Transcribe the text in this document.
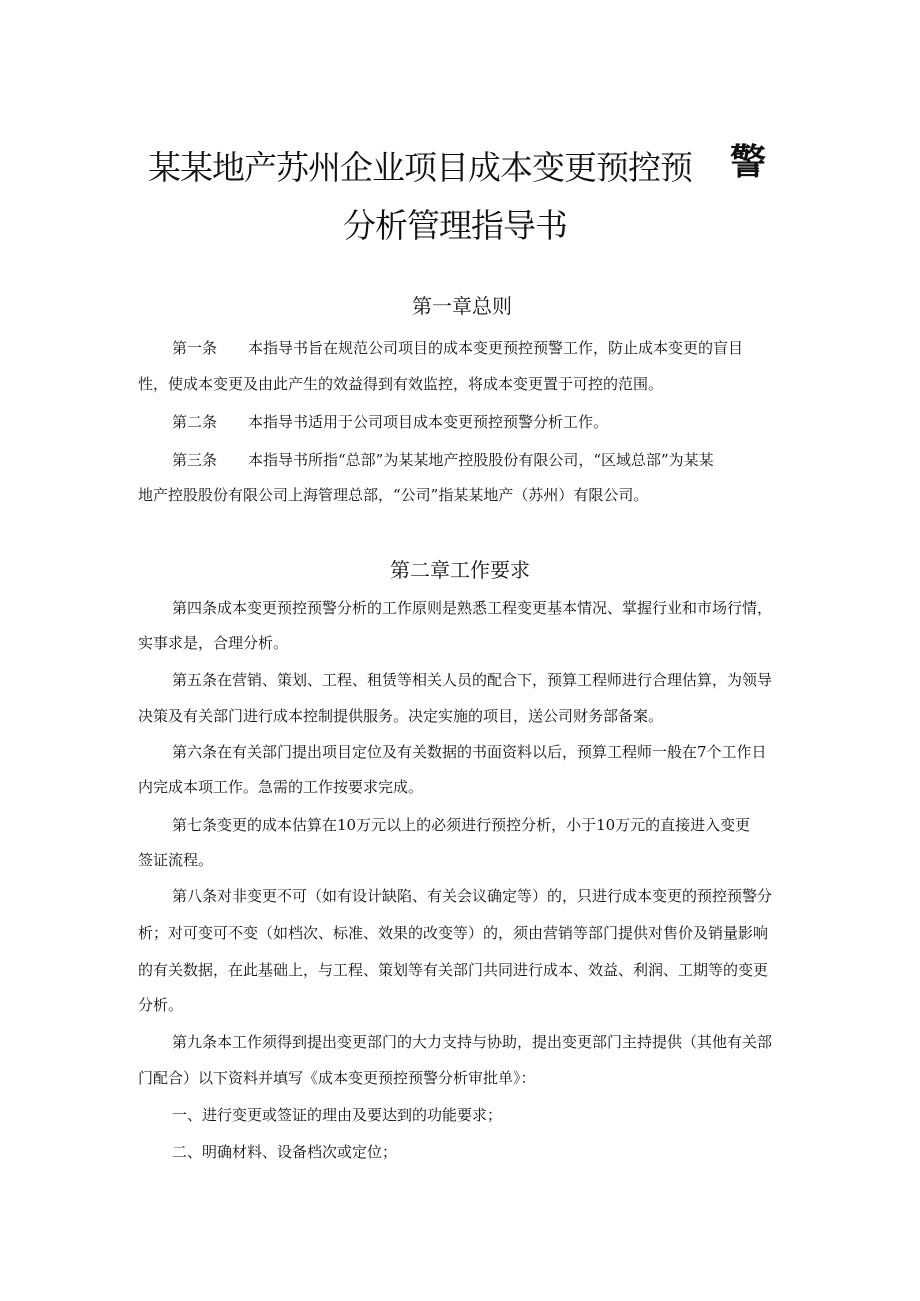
某某地产苏州企业项目成本变更预控预 警
分析管理指导书
第一章总则
第一条 本指导书旨在规范公司项目的成本变更预控预警工作，防止成本变更的盲目
性，使成本变更及由此产生的效益得到有效监控，将成本变更置于可控的范围。
第二条 本指导书适用于公司项目成本变更预控预警分析工作。
第三条 本指导书所指“总部”为某某地产控股股份有限公司，“区域总部”为某某
地产控股股份有限公司上海管理总部，“公司”指某某地产（苏州）有限公司。
第二章工作要求
第四条成本变更预控预警分析的工作原则是熟悉工程变更基本情况、掌握行业和市场行情，
实事求是，合理分析。
第五条在营销、策划、工程、租赁等相关人员的配合下，预算工程师进行合理估算，为领导
决策及有关部门进行成本控制提供服务。决定实施的项目，送公司财务部备案。
第六条在有关部门提出项目定位及有关数据的书面资料以后，预算工程师一般在7个工作日
内完成本项工作。急需的工作按要求完成。
第七条变更的成本估算在10万元以上的必须进行预控分析，小于10万元的直接进入变更
签证流程。
第八条对非变更不可（如有设计缺陷、有关会议确定等）的，只进行成本变更的预控预警分
析；对可变可不变（如档次、标准、效果的改变等）的，须由营销等部门提供对售价及销量影响
的有关数据，在此基础上，与工程、策划等有关部门共同进行成本、效益、利润、工期等的变更
分析。
第九条本工作须得到提出变更部门的大力支持与协助，提出变更部门主持提供（其他有关部
门配合）以下资料并填写《成本变更预控预警分析审批单》：
一、进行变更或签证的理由及要达到的功能要求；
二、明确材料、设备档次或定位；
